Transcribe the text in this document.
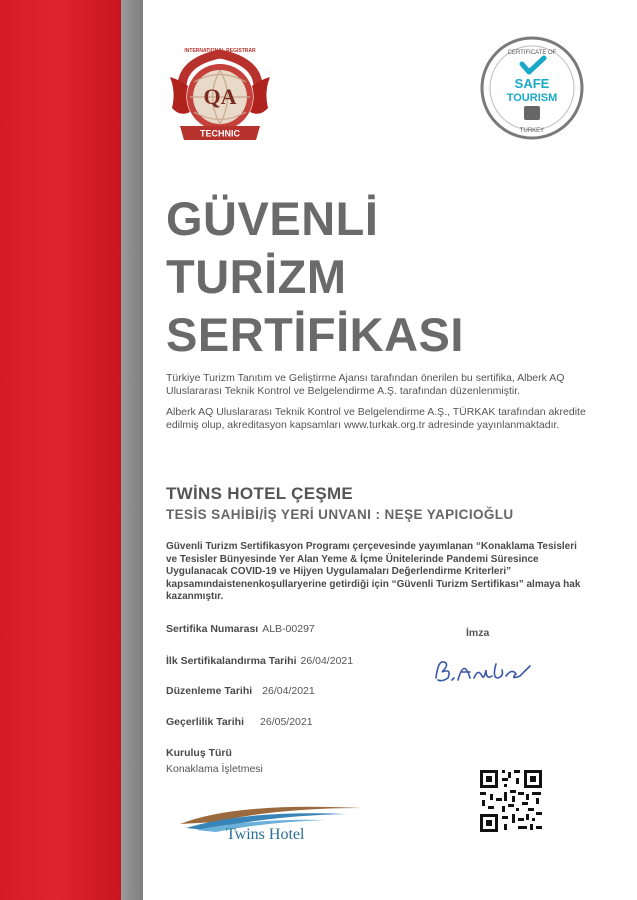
QA
TECHNIC
INTERNATIONAL REGISTRAR	CERTIFICATE OF
SAFE
TOURISM
TURKEY
GÜVENLİ
TURİZM
SERTİFİKASI

Türkiye Turizm Tanıtım ve Geliştirme Ajansı tarafından önerilen bu sertifika, Alberk AQ Uluslararası Teknik Kontrol ve Belgelendirme A.Ş. tarafından düzenlenmiştir.

Alberk AQ Uluslararası Teknik Kontrol ve Belgelendirme A.Ş., TÜRKAK tarafından akredite edilmiş olup, akreditasyon kapsamları www.turkak.org.tr adresinde yayınlanmaktadır.

TWİNS HOTEL ÇEŞME
TESİS SAHİBİ/İŞ YERİ UNVANI : NEŞE YAPICIOĞLU
Güvenli Turizm Sertifikasyon Programı çerçevesinde yayımlanan “Konaklama Tesisleri ve Tesisler Bünyesinde Yer Alan Yeme & İçme Ünitelerinde Pandemi Süresince Uygulanacak COVID-19 ve Hijyen Uygulamaları Değerlendirme Kriterleri” kapsamındaistenenkoşullaryerine getirdiği için “Güvenli Turizm Sertifikası” almaya hak kazanmıştır.
Sertifika Numarası ALB-00297
İlk Sertifikalandırma Tarihi 26/04/2021
Düzenleme Tarihi 26/04/2021
Geçerlilik Tarihi 26/05/2021
İmza
Kuruluş Türü
Konaklama İşletmesi
Twins Hotel
